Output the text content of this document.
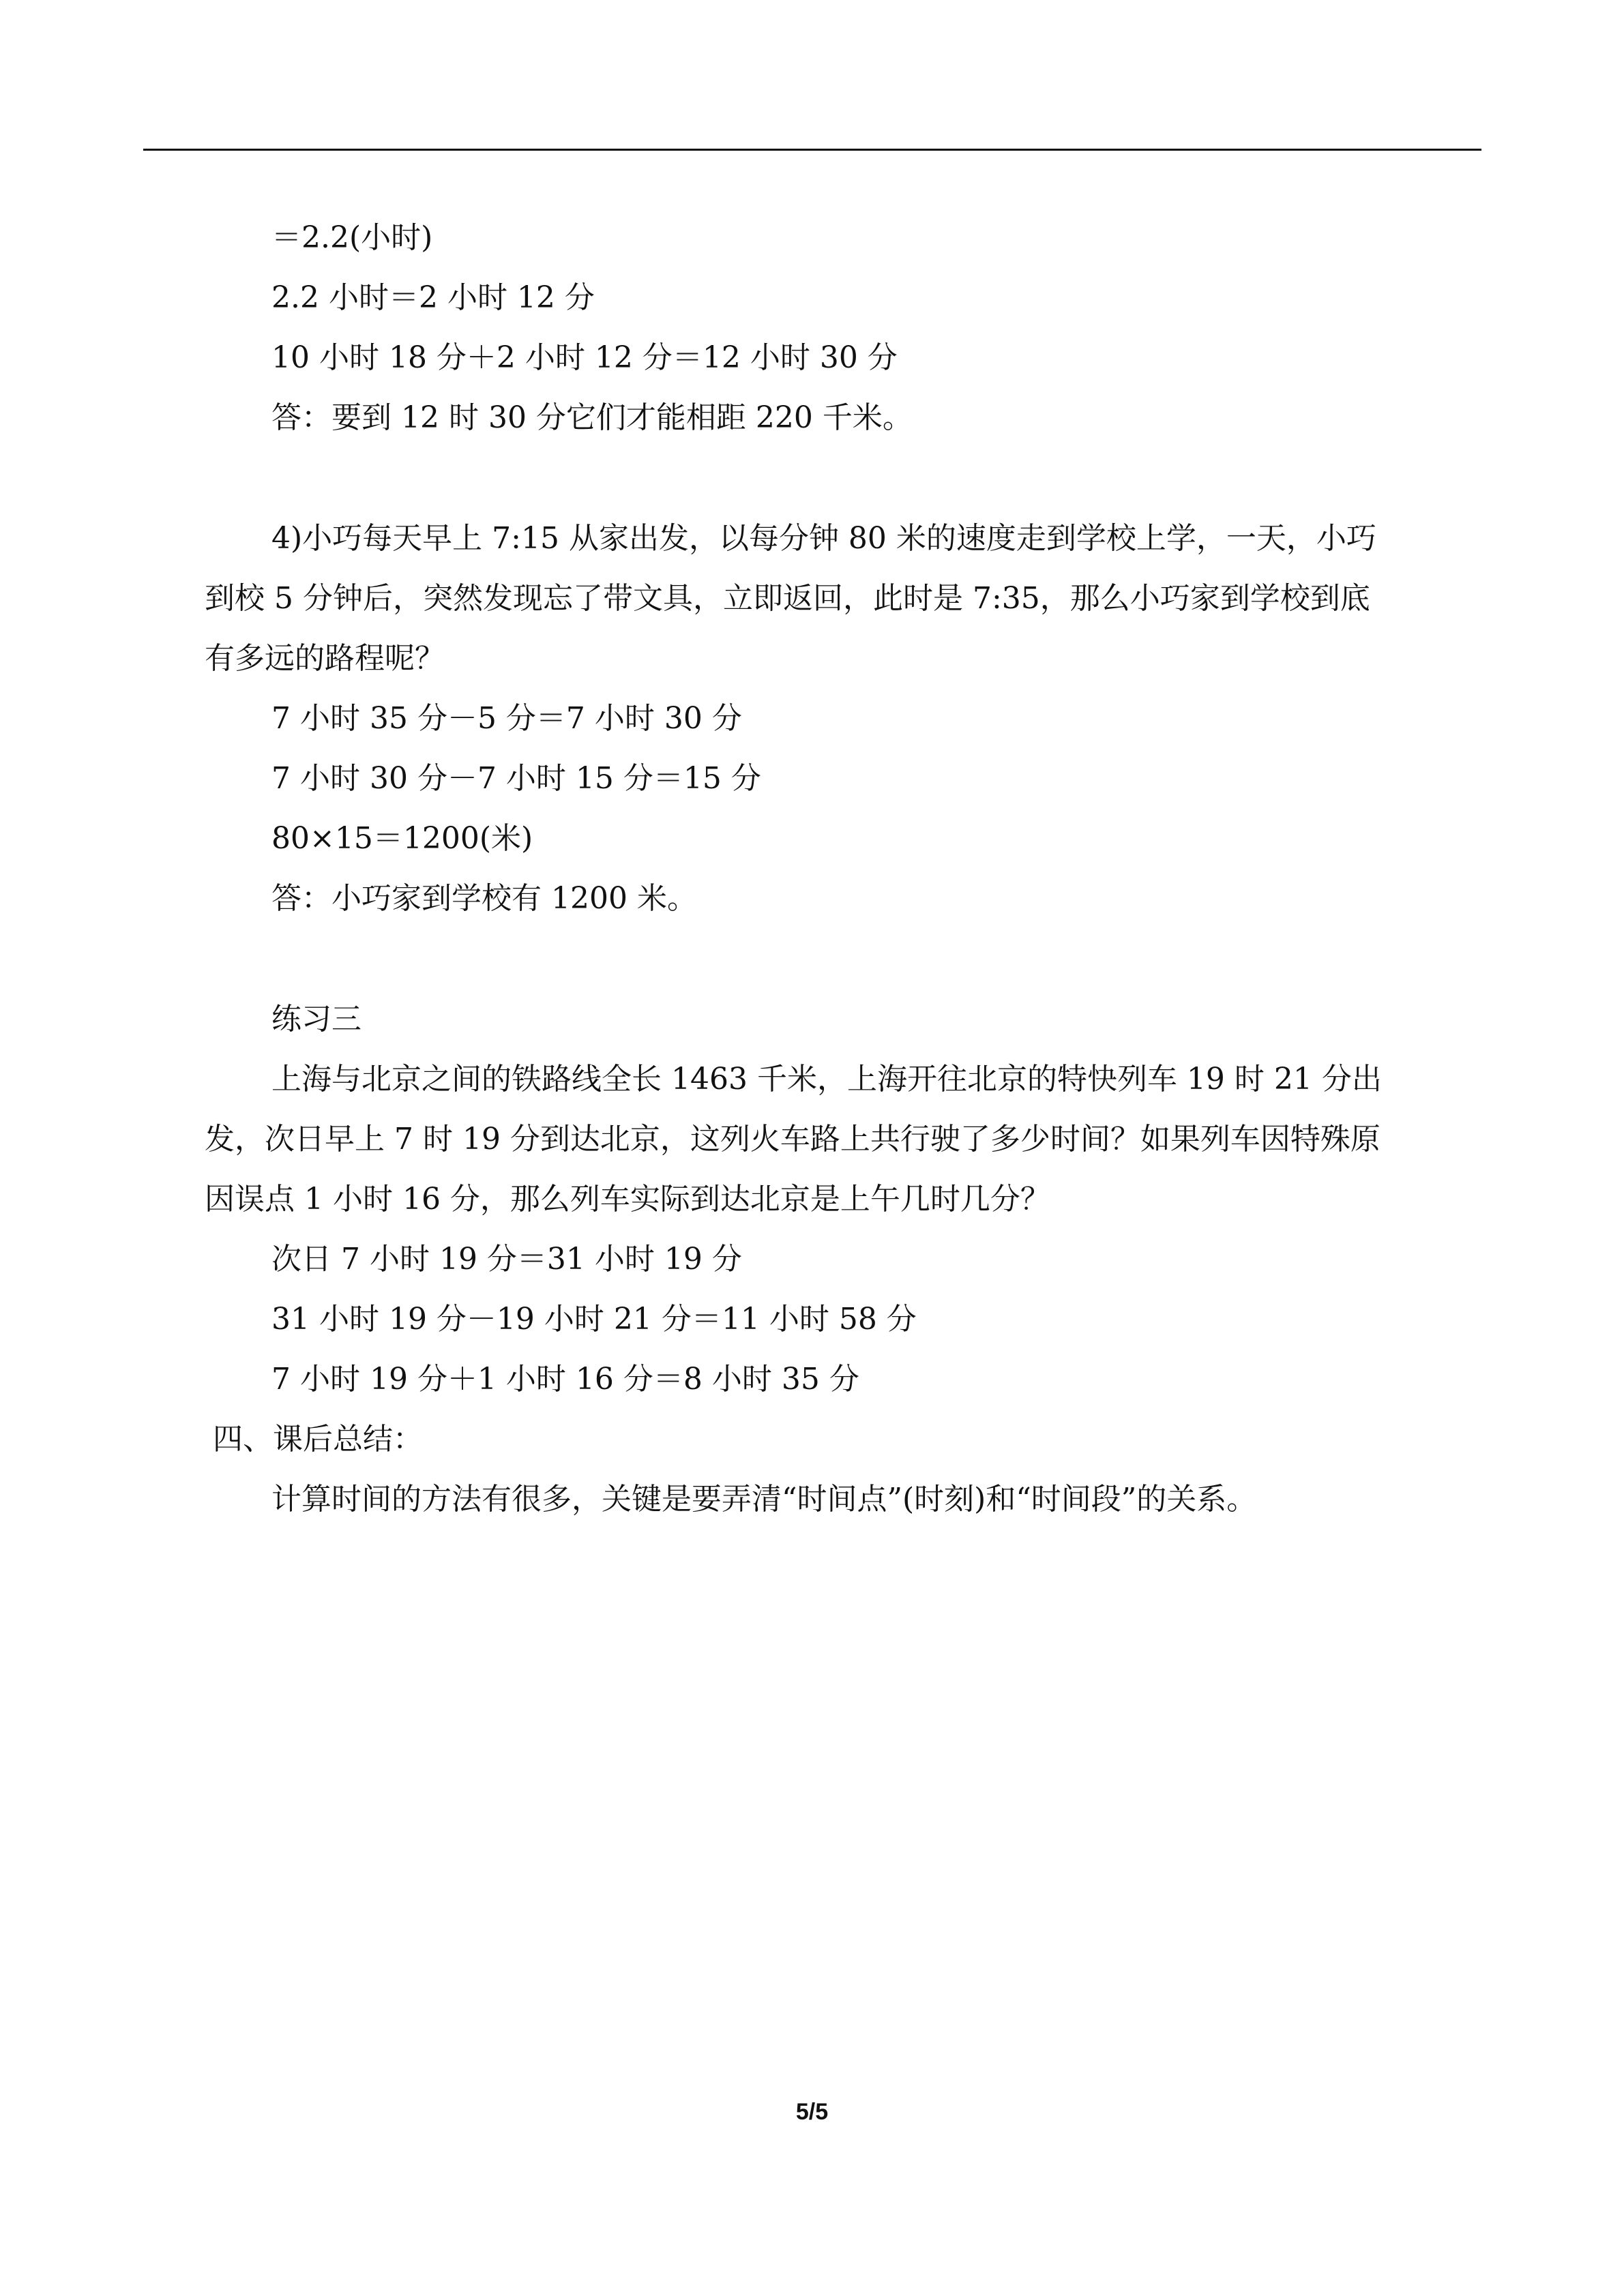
＝2.2(小时)

2.2 小时＝2 小时 12 分

10 小时 18 分＋2 小时 12 分＝12 小时 30 分

答：要到 12 时 30 分它们才能相距 220 千米。

4)小巧每天早上 7:15 从家出发，以每分钟 80 米的速度走到学校上学，一天，小巧

到校 5 分钟后，突然发现忘了带文具，立即返回，此时是 7:35，那么小巧家到学校到底

有多远的路程呢？

7 小时 35 分－5 分＝7 小时 30 分

7 小时 30 分－7 小时 15 分＝15 分

80×15＝1200(米)

答：小巧家到学校有 1200 米。

练习三

上海与北京之间的铁路线全长 1463 千米，上海开往北京的特快列车 19 时 21 分出

发，次日早上 7 时 19 分到达北京，这列火车路上共行驶了多少时间？如果列车因特殊原

因误点 1 小时 16 分，那么列车实际到达北京是上午几时几分？

次日 7 小时 19 分＝31 小时 19 分

31 小时 19 分－19 小时 21 分＝11 小时 58 分

7 小时 19 分＋1 小时 16 分＝8 小时 35 分

四、课后总结：

计算时间的方法有很多，关键是要弄清“时间点”(时刻)和“时间段”的关系。

5/5
